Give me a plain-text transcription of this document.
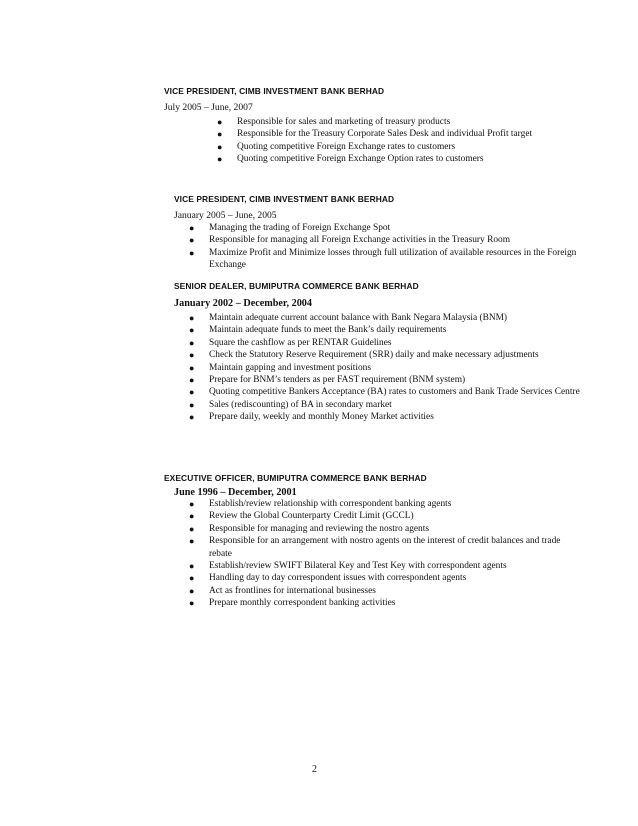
VICE PRESIDENT, CIMB INVESTMENT BANK BERHAD
July 2005 – June, 2007
● Responsible for sales and marketing of treasury products
● Responsible for the Treasury Corporate Sales Desk and individual Profit target
● Quoting competitive Foreign Exchange rates to customers
● Quoting competitive Foreign Exchange Option rates to customers
VICE PRESIDENT, CIMB INVESTMENT BANK BERHAD
January 2005 – June, 2005
● Managing the trading of Foreign Exchange Spot
● Responsible for managing all Foreign Exchange activities in the Treasury Room
● Maximize Profit and Minimize losses through full utilization of available resources in the Foreign Exchange
SENIOR DEALER, BUMIPUTRA COMMERCE BANK BERHAD
January 2002 – December, 2004
● Maintain adequate current account balance with Bank Negara Malaysia (BNM)
● Maintain adequate funds to meet the Bank’s daily requirements
● Square the cashflow as per RENTAR Guidelines
● Check the Statutory Reserve Requirement (SRR) daily and make necessary adjustments
● Maintain gapping and investment positions
● Prepare for BNM’s tenders as per FAST requirement (BNM system)
● Quoting competitive Bankers Acceptance (BA) rates to customers and Bank Trade Services Centre
● Sales (rediscounting) of BA in secondary market
● Prepare daily, weekly and monthly Money Market activities
EXECUTIVE OFFICER, BUMIPUTRA COMMERCE BANK BERHAD
June 1996 – December, 2001
● Establish/review relationship with correspondent banking agents
● Review the Global Counterparty Credit Limit (GCCL)
● Responsible for managing and reviewing the nostro agents
● Responsible for an arrangement with nostro agents on the interest of credit balances and trade rebate
● Establish/review SWIFT Bilateral Key and Test Key with correspondent agents
● Handling day to day correspondent issues with correspondent agents
● Act as frontlines for international businesses
● Prepare monthly correspondent banking activities
2
